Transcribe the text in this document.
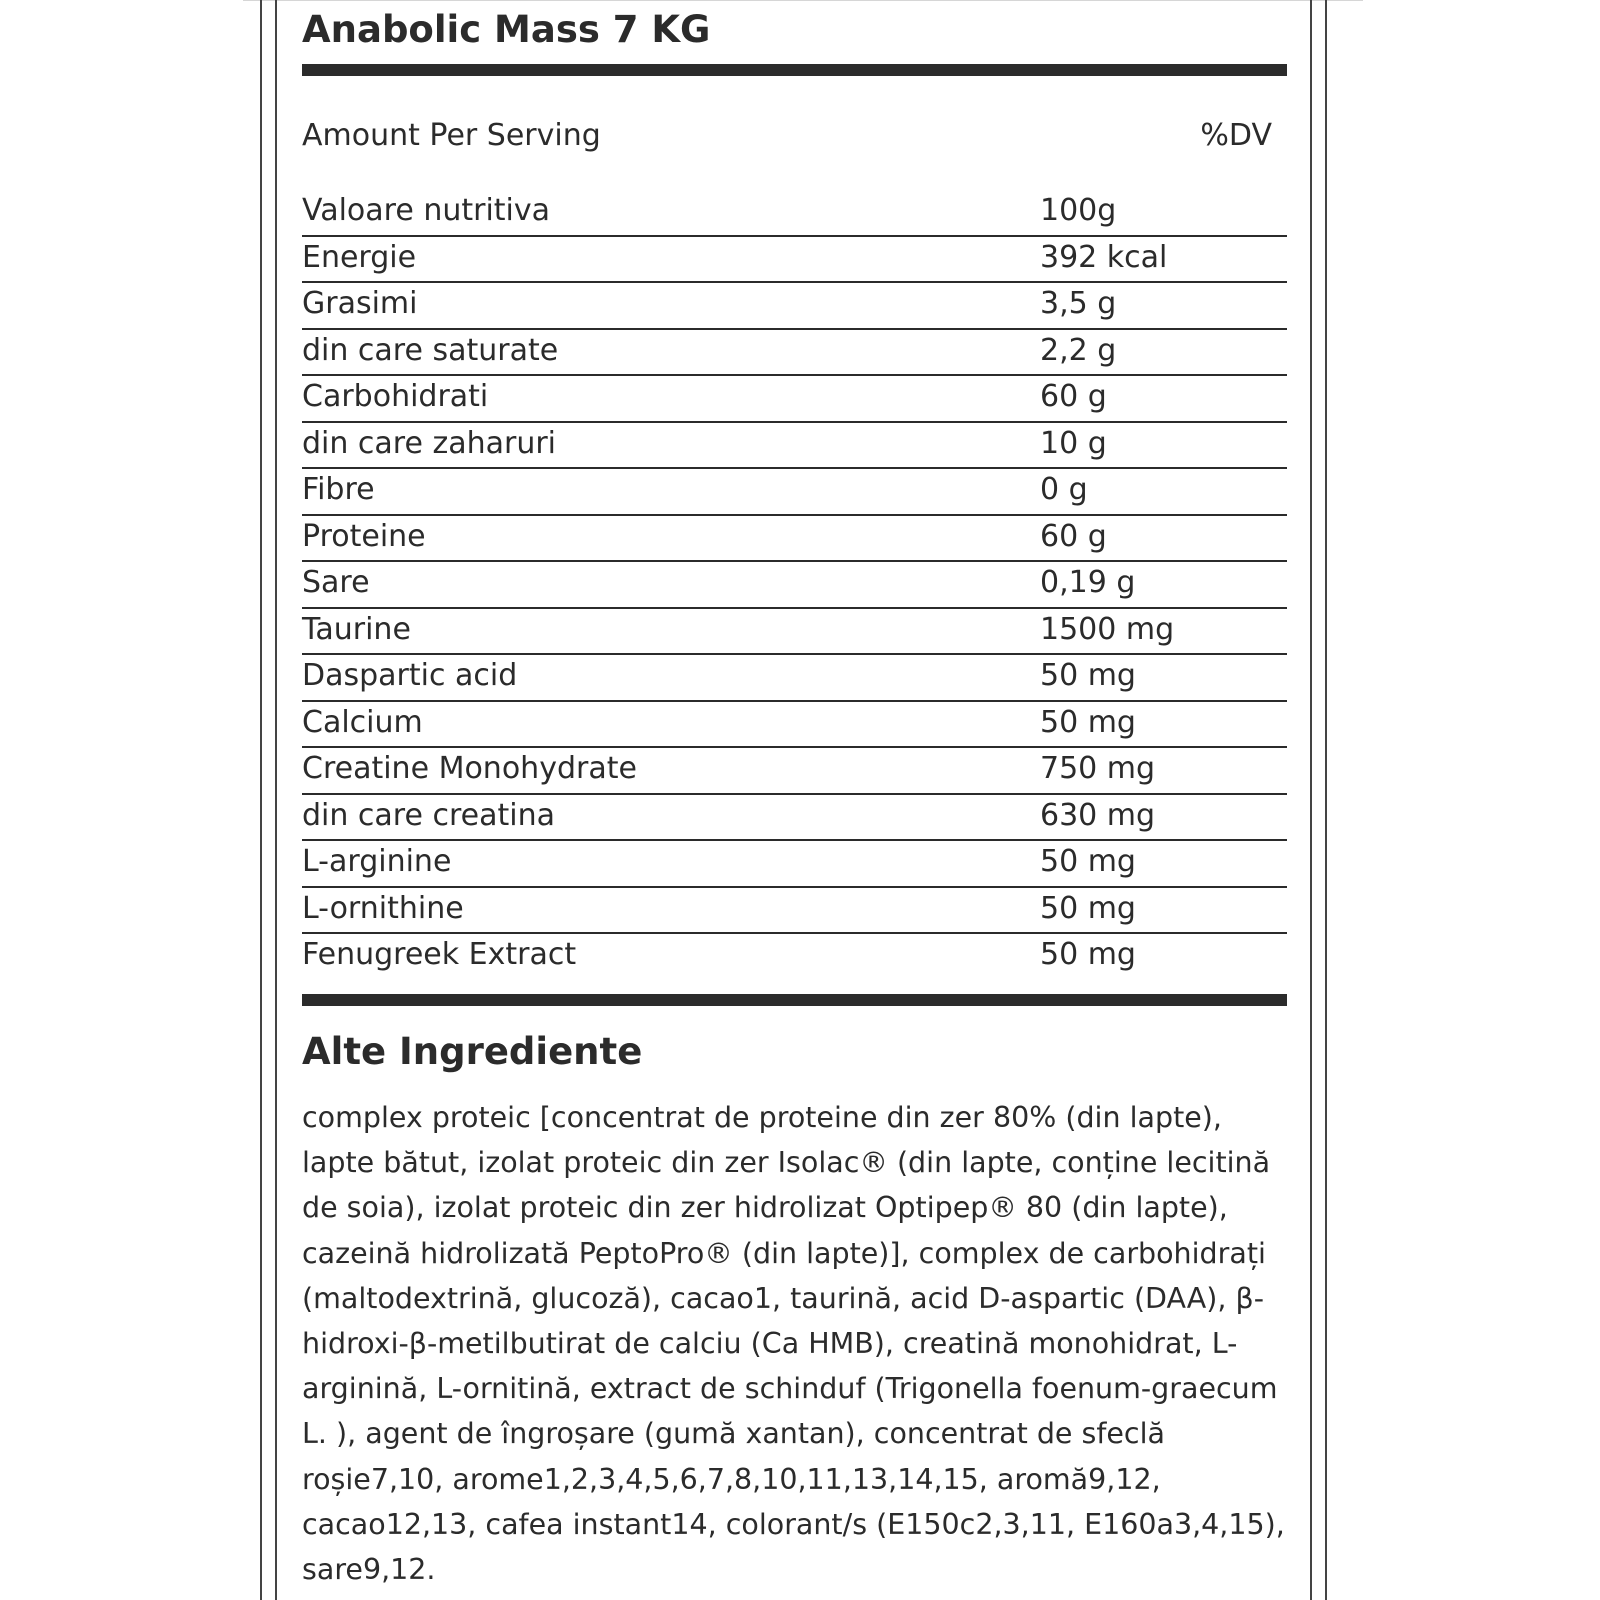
Anabolic Mass 7 KG
Amount Per Serving	%DV
Valoare nutritiva	100g
Energie	392 kcal
Grasimi	3,5 g
din care saturate	2,2 g
Carbohidrati	60 g
din care zaharuri	10 g
Fibre	0 g
Proteine	60 g
Sare	0,19 g
Taurine	1500 mg
Daspartic acid	50 mg
Calcium	50 mg
Creatine Monohydrate	750 mg
din care creatina	630 mg
L-arginine	50 mg
L-ornithine	50 mg
Fenugreek Extract	50 mg
Alte Ingrediente
complex proteic [concentrat de proteine din zer 80% (din lapte), lapte bătut, izolat proteic din zer Isolac® (din lapte, conține lecitină de soia), izolat proteic din zer hidrolizat Optipep® 80 (din lapte), cazeină hidrolizată PeptoPro® (din lapte)], complex de carbohidrați (maltodextrină, glucoză), cacao1, taurină, acid D-aspartic (DAA), β-hidroxi-β-metilbutirat de calciu (Ca HMB), creatină monohidrat, L-arginină, L-ornitină, extract de schinduf (Trigonella foenum-graecum L. ), agent de îngroșare (gumă xantan), concentrat de sfeclă roșie7,10, arome1,2,3,4,5,6,7,8,10,11,13,14,15, aromă9,12, cacao12,13, cafea instant14, colorant/s (E150c2,3,11, E160a3,4,15), sare9,12.
